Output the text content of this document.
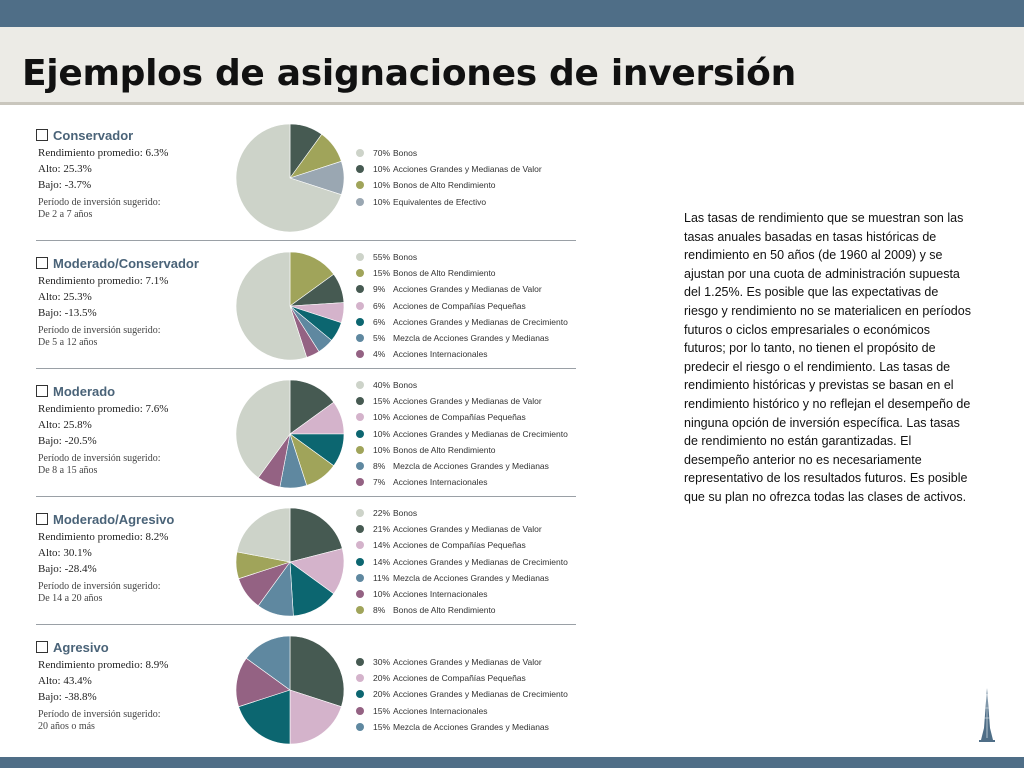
Ejemplos de asignaciones de inversión
Conservador
Rendimiento promedio: 6.3%
Alto: 25.3%
Bajo: -3.7%
Período de inversión sugerido:
De 2 a 7 años
70% Bonos
10% Acciones Grandes y Medianas de Valor
10% Bonos de Alto Rendimiento
10% Equivalentes de Efectivo
Moderado/Conservador
Rendimiento promedio: 7.1%
Alto: 25.3%
Bajo: -13.5%
Período de inversión sugerido:
De 5 a 12 años
55% Bonos
15% Bonos de Alto Rendimiento
9% Acciones Grandes y Medianas de Valor
6% Acciones de Compañías Pequeñas
6% Acciones Grandes y Medianas de Crecimiento
5% Mezcla de Acciones Grandes y Medianas
4% Acciones Internacionales
Moderado
Rendimiento promedio: 7.6%
Alto: 25.8%
Bajo: -20.5%
Período de inversión sugerido:
De 8 a 15 años
40% Bonos
15% Acciones Grandes y Medianas de Valor
10% Acciones de Compañías Pequeñas
10% Acciones Grandes y Medianas de Crecimiento
10% Bonos de Alto Rendimiento
8% Mezcla de Acciones Grandes y Medianas
7% Acciones Internacionales
Moderado/Agresivo
Rendimiento promedio: 8.2%
Alto: 30.1%
Bajo: -28.4%
Período de inversión sugerido:
De 14 a 20 años
22% Bonos
21% Acciones Grandes y Medianas de Valor
14% Acciones de Compañías Pequeñas
14% Acciones Grandes y Medianas de Crecimiento
11% Mezcla de Acciones Grandes y Medianas
10% Acciones Internacionales
8% Bonos de Alto Rendimiento
Agresivo
Rendimiento promedio: 8.9%
Alto: 43.4%
Bajo: -38.8%
Período de inversión sugerido:
20 años o más
30% Acciones Grandes y Medianas de Valor
20% Acciones de Compañías Pequeñas
20% Acciones Grandes y Medianas de Crecimiento
15% Acciones Internacionales
15% Mezcla de Acciones Grandes y Medianas
Las tasas de rendimiento que se muestran son las tasas anuales basadas en tasas históricas de rendimiento en 50 años (de 1960 al 2009) y se ajustan por una cuota de administración supuesta del 1.25%. Es posible que las expectativas de riesgo y rendimiento no se materialicen en períodos futuros o ciclos empresariales o económicos futuros; por lo tanto, no tienen el propósito de predecir el riesgo o el rendimiento. Las tasas de rendimiento históricas y previstas se basan en el rendimiento histórico y no reflejan el desempeño de ninguna opción de inversión específica. Las tasas de rendimiento no están garantizadas. El desempeño anterior no es necesariamente representativo de los resultados futuros. Es posible que su plan no ofrezca todas las clases de activos.
